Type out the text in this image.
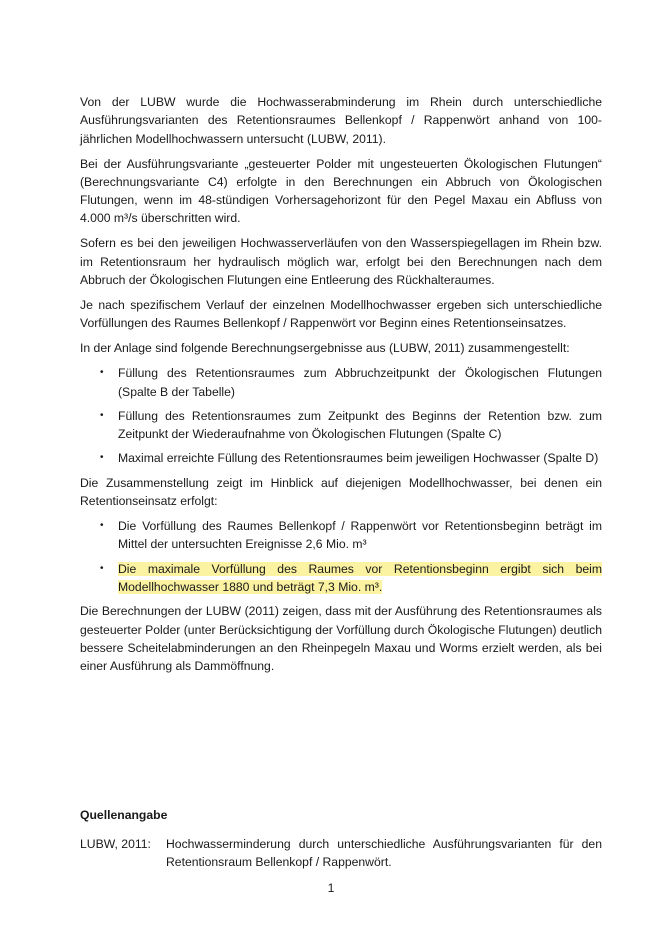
Von der LUBW wurde die Hochwasserabminderung im Rhein durch unterschiedliche Ausführungsvarianten des Retentionsraumes Bellenkopf / Rappenwört anhand von 100-jährlichen Modellhochwassern untersucht (LUBW, 2011).

Bei der Ausführungsvariante „gesteuerter Polder mit ungesteuerten Ökologischen Flutungen“ (Berechnungsvariante C4) erfolgte in den Berechnungen ein Abbruch von Ökologischen Flutungen, wenn im 48-stündigen Vorhersagehorizont für den Pegel Maxau ein Abfluss von 4.000 m³/s überschritten wird.

Sofern es bei den jeweiligen Hochwasserverläufen von den Wasserspiegellagen im Rhein bzw. im Retentionsraum her hydraulisch möglich war, erfolgt bei den Berechnungen nach dem Abbruch der Ökologischen Flutungen eine Entleerung des Rückhalteraumes.

Je nach spezifischem Verlauf der einzelnen Modellhochwasser ergeben sich unterschiedliche Vorfüllungen des Raumes Bellenkopf / Rappenwört vor Beginn eines Retentionseinsatzes.

In der Anlage sind folgende Berechnungsergebnisse aus (LUBW, 2011) zusammengestellt:

• Füllung des Retentionsraumes zum Abbruchzeitpunkt der Ökologischen Flutungen (Spalte B der Tabelle)
• Füllung des Retentionsraumes zum Zeitpunkt des Beginns der Retention bzw. zum Zeitpunkt der Wiederaufnahme von Ökologischen Flutungen (Spalte C)
• Maximal erreichte Füllung des Retentionsraumes beim jeweiligen Hochwasser (Spalte D)

Die Zusammenstellung zeigt im Hinblick auf diejenigen Modellhochwasser, bei denen ein Retentionseinsatz erfolgt:

• Die Vorfüllung des Raumes Bellenkopf / Rappenwört vor Retentionsbeginn beträgt im Mittel der untersuchten Ereignisse 2,6 Mio. m³
• Die maximale Vorfüllung des Raumes vor Retentionsbeginn ergibt sich beim Modellhochwasser 1880 und beträgt 7,3 Mio. m³.

Die Berechnungen der LUBW (2011) zeigen, dass mit der Ausführung des Retentionsraumes als gesteuerter Polder (unter Berücksichtigung der Vorfüllung durch Ökologische Flutungen) deutlich bessere Scheitelabminderungen an den Rheinpegeln Maxau und Worms erzielt werden, als bei einer Ausführung als Dammöffnung.

Quellenangabe

LUBW, 2011:	Hochwasserminderung durch unterschiedliche Ausführungsvarianten für den Retentionsraum Bellenkopf / Rappenwört.
1
